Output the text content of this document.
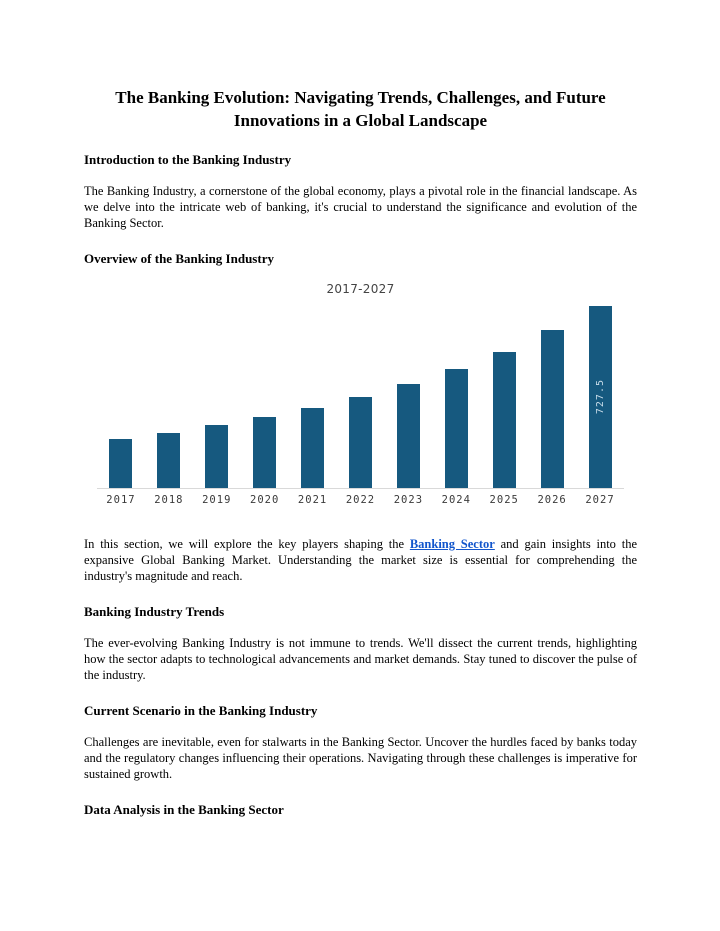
The Banking Evolution: Navigating Trends, Challenges, and Future Innovations in a Global Landscape
Introduction to the Banking Industry

The Banking Industry, a cornerstone of the global economy, plays a pivotal role in the financial landscape. As we delve into the intricate web of banking, it's crucial to understand the significance and evolution of the Banking Sector.

Overview of the Banking Industry
2017-2027
727.5
2017	2018	2019	2020	2021	2022	2023	2024	2025	2026	2027

In this section, we will explore the key players shaping the Banking Sector and gain insights into the expansive Global Banking Market. Understanding the market size is essential for comprehending the industry's magnitude and reach.

Banking Industry Trends

The ever-evolving Banking Industry is not immune to trends. We'll dissect the current trends, highlighting how the sector adapts to technological advancements and market demands. Stay tuned to discover the pulse of the industry.

Current Scenario in the Banking Industry

Challenges are inevitable, even for stalwarts in the Banking Sector. Uncover the hurdles faced by banks today and the regulatory changes influencing their operations. Navigating through these challenges is imperative for sustained growth.

Data Analysis in the Banking Sector
